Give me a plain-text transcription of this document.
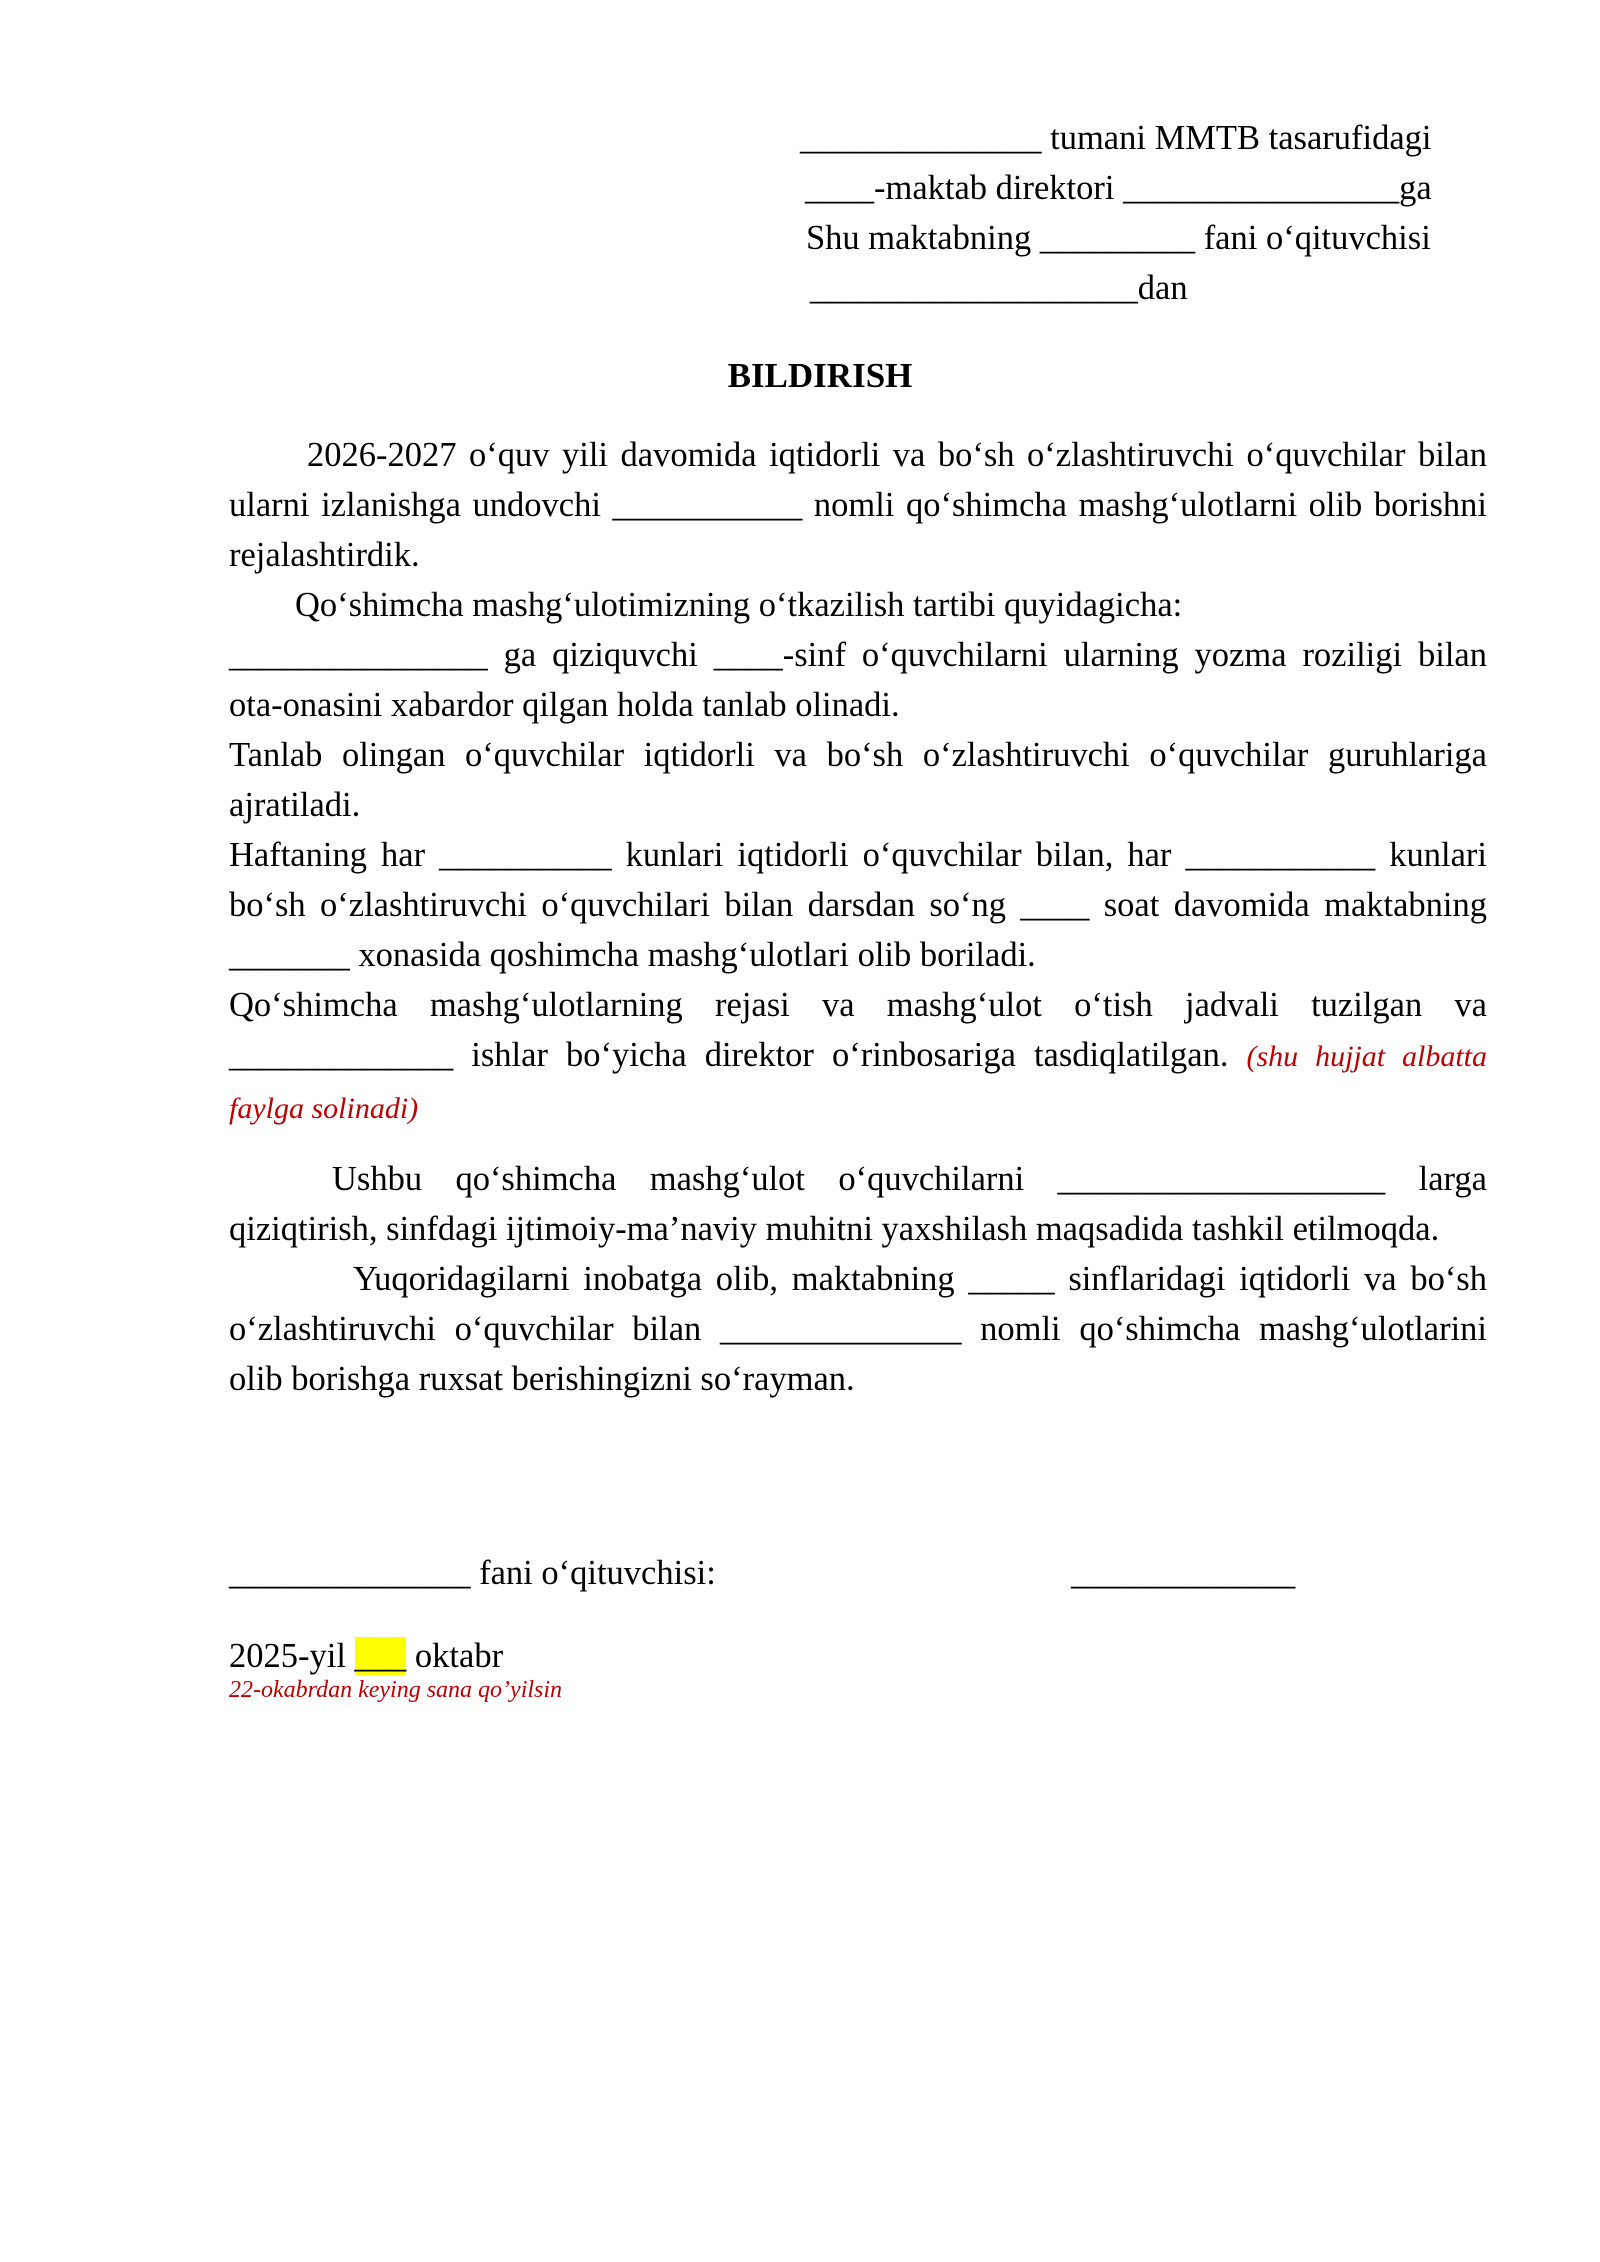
______________ tumani MMTB tasarufidagi
____-maktab direktori ________________ga
Shu maktabning _________ fani o‘qituvchisi
___________________dan
BILDIRISH

2026-2027 o‘quv yili davomida iqtidorli va bo‘sh o‘zlashtiruvchi o‘quvchilar bilan ularni izlanishga undovchi ___________ nomli qo‘shimcha mashg‘ulotlarni olib borishni rejalashtirdik.

Qo‘shimcha mashg‘ulotimizning o‘tkazilish tartibi quyidagicha:

_______________ ga qiziquvchi ____-sinf o‘quvchilarni ularning yozma roziligi bilan ota-onasini xabardor qilgan holda tanlab olinadi.

Tanlab olingan o‘quvchilar iqtidorli va bo‘sh o‘zlashtiruvchi o‘quvchilar guruhlariga ajratiladi.

Haftaning har __________ kunlari iqtidorli o‘quvchilar bilan, har ___________ kunlari bo‘sh o‘zlashtiruvchi o‘quvchilari bilan darsdan so‘ng ____ soat davomida maktabning _______ xonasida qoshimcha mashg‘ulotlari olib boriladi.

Qo‘shimcha mashg‘ulotlarning rejasi va mashg‘ulot o‘tish jadvali tuzilgan va _____________ ishlar bo‘yicha direktor o‘rinbosariga tasdiqlatilgan. (shu hujjat albatta faylga solinadi)

Ushbu qo‘shimcha mashg‘ulot o‘quvchilarni ___________________ larga qiziqtirish, sinfdagi ijtimoiy-ma’naviy muhitni yaxshilash maqsadida tashkil etilmoqda.

Yuqoridagilarni inobatga olib, maktabning _____ sinflaridagi iqtidorli va bo‘sh o‘zlashtiruvchi o‘quvchilar bilan ______________ nomli qo‘shimcha mashg‘ulotlarini olib borishga ruxsat berishingizni so‘rayman.

______________ fani o‘qituvchisi:	_____________
2025-yil ___ oktabr
22-okabrdan keying sana qo’yilsin
